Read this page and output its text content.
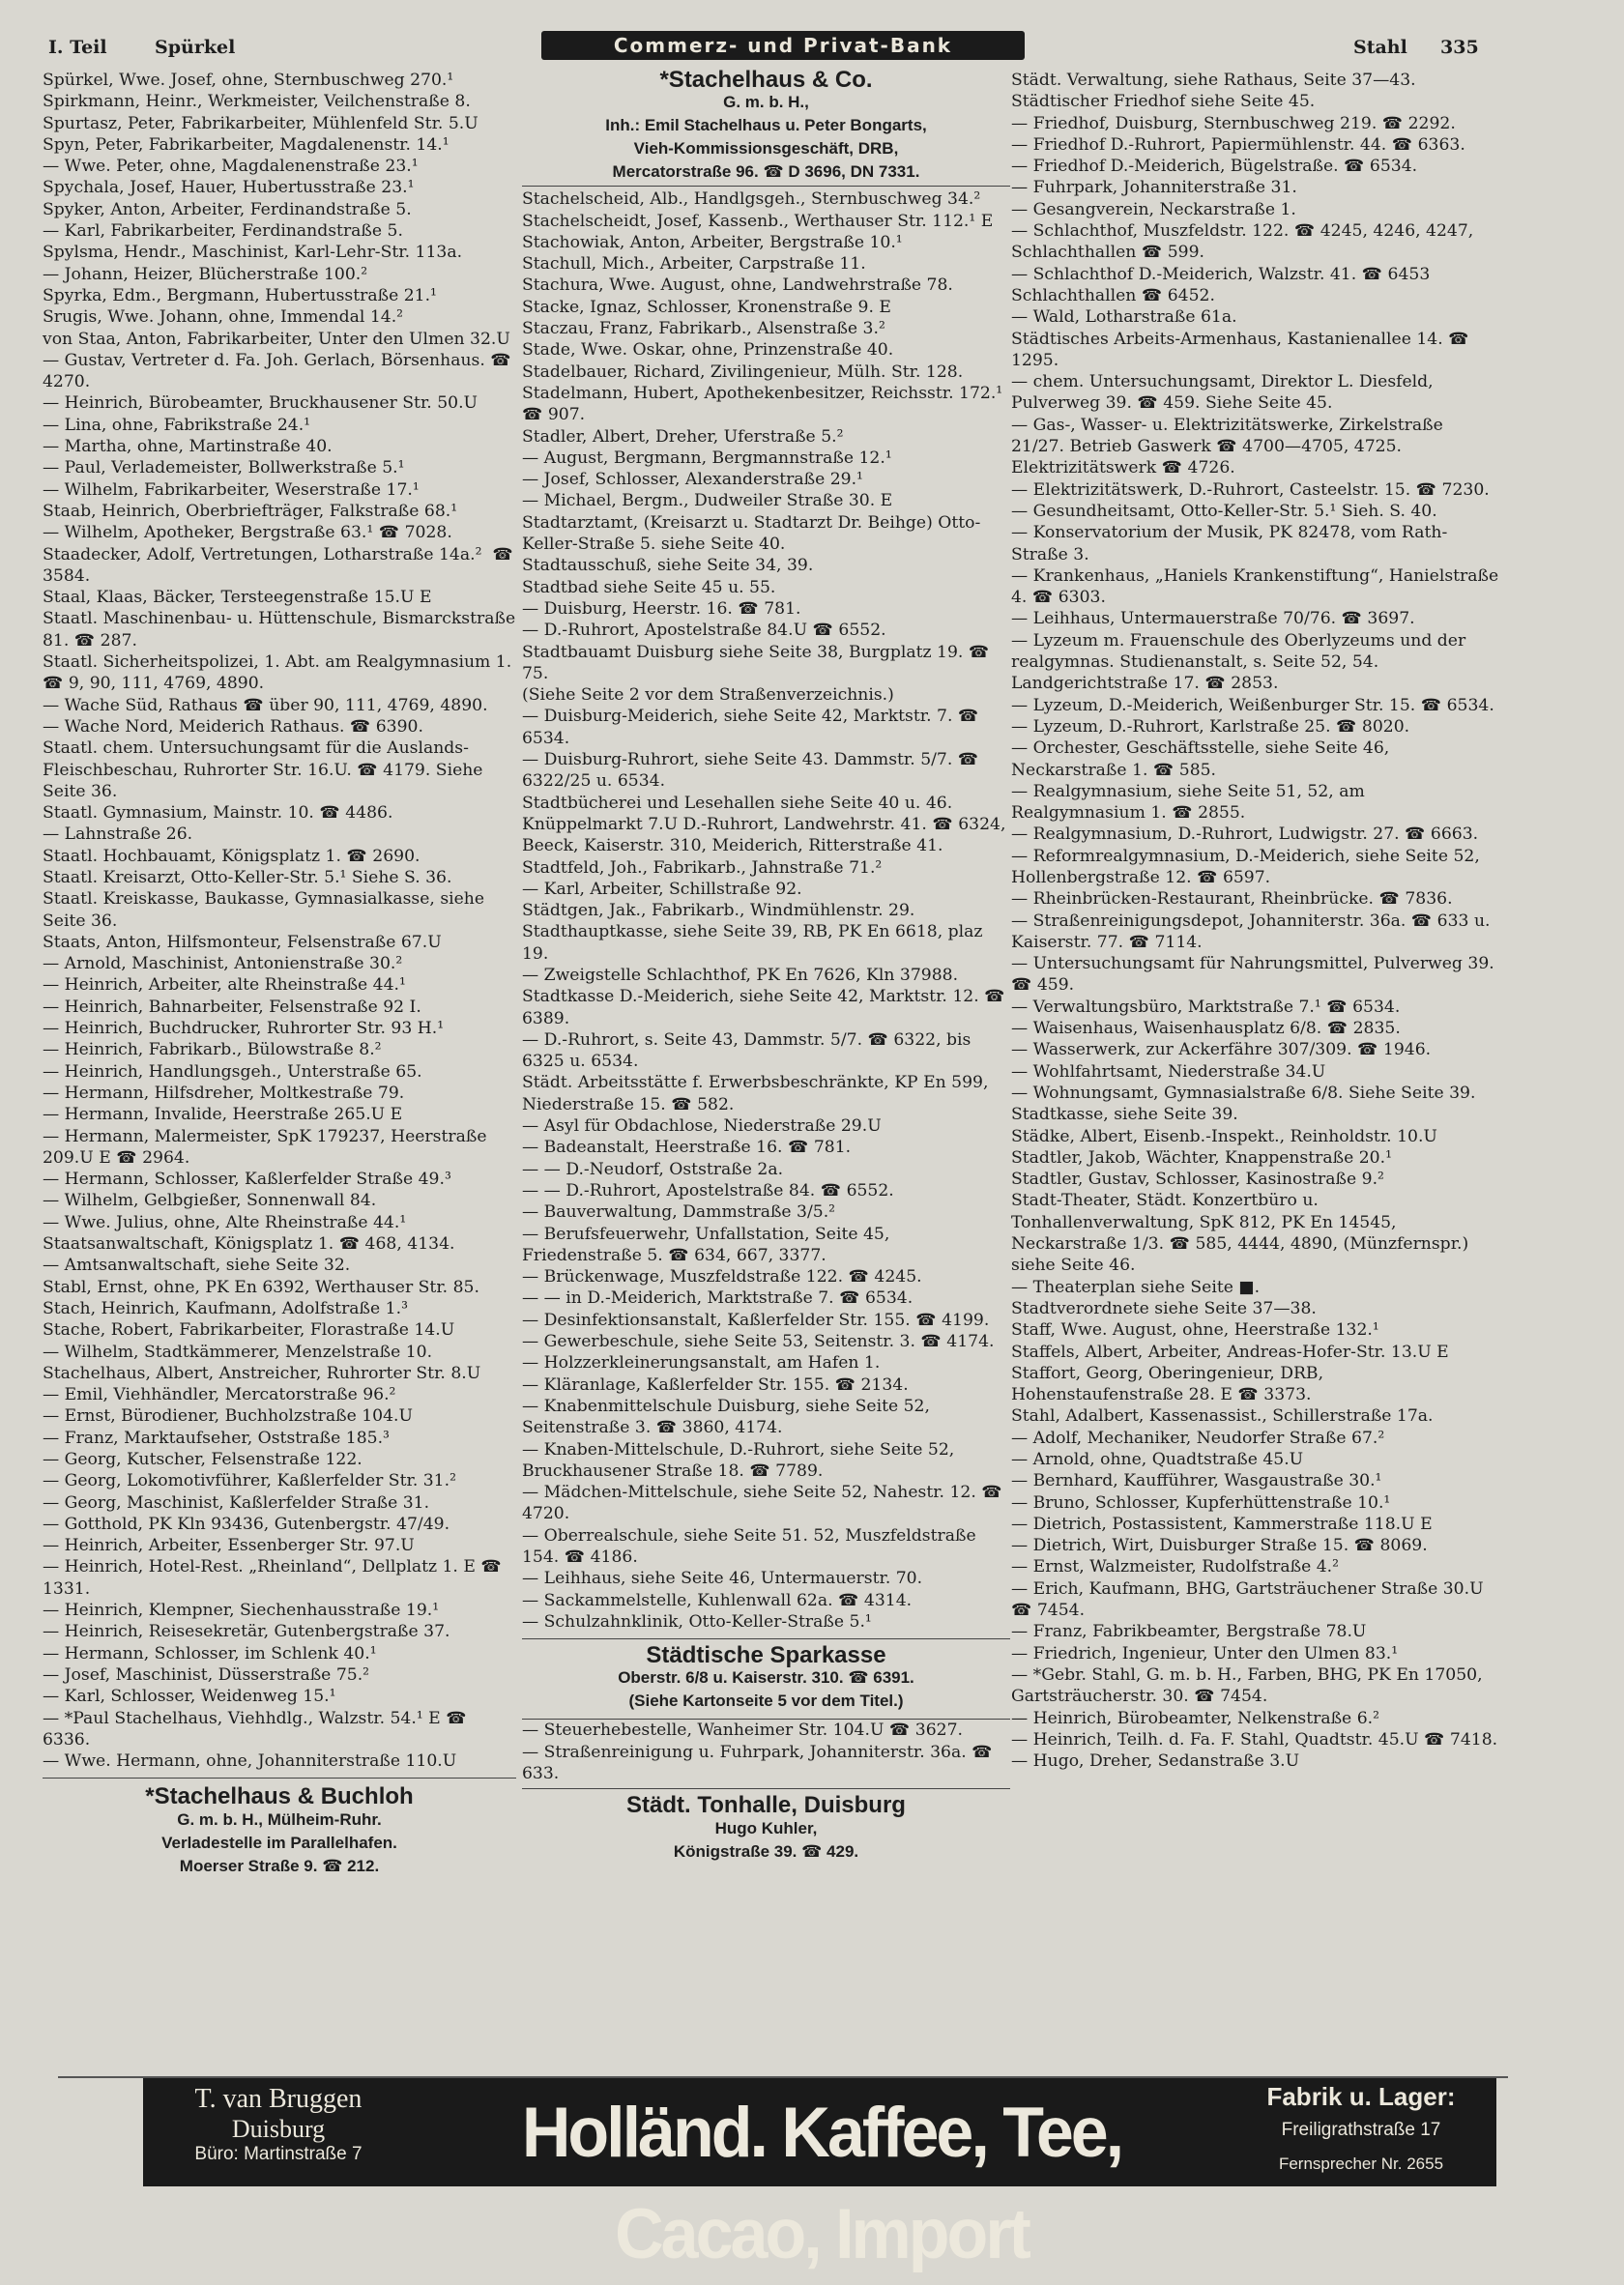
I. Teil	Spürkel	Commerz- und Privat-Bank	Stahl 335
Spürkel, Wwe. Josef, ohne, Sternbuschweg 270.¹
Spirkmann, Heinr., Werkmeister, Veilchenstraße 8.
Spurtasz, Peter, Fabrikarbeiter, Mühlenfeld Str. 5.U
Spyn, Peter, Fabrikarbeiter, Magdalenenstr. 14.¹
— Wwe. Peter, ohne, Magdalenenstraße 23.¹
Spychala, Josef, Hauer, Hubertusstraße 23.¹
Spyker, Anton, Arbeiter, Ferdinandstraße 5.
— Karl, Fabrikarbeiter, Ferdinandstraße 5.
Spylsma, Hendr., Maschinist, Karl-Lehr-Str. 113a.
— Johann, Heizer, Blücherstraße 100.²
Spyrka, Edm., Bergmann, Hubertusstraße 21.¹
Srugis, Wwe. Johann, ohne, Immendal 14.²
von Staa, Anton, Fabrikarbeiter, Unter den Ulmen 32.U
— Gustav, Vertreter d. Fa. Joh. Gerlach, Börsenhaus. ☎ 4270.
— Heinrich, Bürobeamter, Bruckhausener Str. 50.U
— Lina, ohne, Fabrikstraße 24.¹
— Martha, ohne, Martinstraße 40.
— Paul, Verlademeister, Bollwerkstraße 5.¹
— Wilhelm, Fabrikarbeiter, Weserstraße 17.¹
Staab, Heinrich, Oberbriefträger, Falkstraße 68.¹
— Wilhelm, Apotheker, Bergstraße 63.¹ ☎ 7028.
Staadecker, Adolf, Vertretungen, Lotharstraße 14a.²  ☎ 3584.
Staal, Klaas, Bäcker, Tersteegenstraße 15.U E
Staatl. Maschinenbau- u. Hüttenschule, Bismarckstraße 81. ☎ 287.
Staatl. Sicherheitspolizei, 1. Abt. am Realgymnasium 1. ☎ 9, 90, 111, 4769, 4890.
— Wache Süd, Rathaus ☎ über 90, 111, 4769, 4890.
— Wache Nord, Meiderich Rathaus. ☎ 6390.
Staatl. chem. Untersuchungsamt für die Auslands-Fleischbeschau, Ruhrorter Str. 16.U. ☎ 4179. Siehe Seite 36.
Staatl. Gymnasium, Mainstr. 10. ☎ 4486.
— Lahnstraße 26.
Staatl. Hochbauamt, Königsplatz 1. ☎ 2690.
Staatl. Kreisarzt, Otto-Keller-Str. 5.¹ Siehe S. 36.
Staatl. Kreiskasse, Baukasse, Gymnasialkasse, siehe Seite 36.
Staats, Anton, Hilfsmonteur, Felsenstraße 67.U
— Arnold, Maschinist, Antonienstraße 30.²
— Heinrich, Arbeiter, alte Rheinstraße 44.¹
— Heinrich, Bahnarbeiter, Felsenstraße 92 I.
— Heinrich, Buchdrucker, Ruhrorter Str. 93 H.¹
— Heinrich, Fabrikarb., Bülowstraße 8.²
— Heinrich, Handlungsgeh., Unterstraße 65.
— Hermann, Hilfsdreher, Moltkestraße 79.
— Hermann, Invalide, Heerstraße 265.U E
— Hermann, Malermeister, SpK 179237, Heerstraße 209.U E ☎ 2964.
— Hermann, Schlosser, Kaßlerfelder Straße 49.³
— Wilhelm, Gelbgießer, Sonnenwall 84.
— Wwe. Julius, ohne, Alte Rheinstraße 44.¹
Staatsanwaltschaft, Königsplatz 1. ☎ 468, 4134.
— Amtsanwaltschaft, siehe Seite 32.
Stabl, Ernst, ohne, PK En 6392, Werthauser Str. 85.
Stach, Heinrich, Kaufmann, Adolfstraße 1.³
Stache, Robert, Fabrikarbeiter, Florastraße 14.U
— Wilhelm, Stadtkämmerer, Menzelstraße 10.
Stachelhaus, Albert, Anstreicher, Ruhrorter Str. 8.U
— Emil, Viehhändler, Mercatorstraße 96.²
— Ernst, Bürodiener, Buchholzstraße 104.U
— Franz, Marktaufseher, Oststraße 185.³
— Georg, Kutscher, Felsenstraße 122.
— Georg, Lokomotivführer, Kaßlerfelder Str. 31.²
— Georg, Maschinist, Kaßlerfelder Straße 31.
— Gotthold, PK Kln 93436, Gutenbergstr. 47/49.
— Heinrich, Arbeiter, Essenberger Str. 97.U
— Heinrich, Hotel-Rest. „Rheinland“, Dellplatz 1. E ☎ 1331.
— Heinrich, Klempner, Siechenhausstraße 19.¹
— Heinrich, Reisesekretär, Gutenbergstraße 37.
— Hermann, Schlosser, im Schlenk 40.¹
— Josef, Maschinist, Düsserstraße 75.²
— Karl, Schlosser, Weidenweg 15.¹
— *Paul Stachelhaus, Viehhdlg., Walzstr. 54.¹ E ☎ 6336.
— Wwe. Hermann, ohne, Johanniterstraße 110.U
*Stachelhaus & Buchloh
G. m. b. H., Mülheim-Ruhr.
Verladestelle im Parallelhafen.
Moerser Straße 9. ☎ 212.
*Stachelhaus & Co.
G. m. b. H.,
Inh.: Emil Stachelhaus u. Peter Bongarts,
Vieh-Kommissionsgeschäft, DRB,
Mercatorstraße 96. ☎ D 3696, DN 7331.
Stachelscheid, Alb., Handlgsgeh., Sternbuschweg 34.²
Stachelscheidt, Josef, Kassenb., Werthauser Str. 112.¹ E
Stachowiak, Anton, Arbeiter, Bergstraße 10.¹
Stachull, Mich., Arbeiter, Carpstraße 11.
Stachura, Wwe. August, ohne, Landwehrstraße 78.
Stacke, Ignaz, Schlosser, Kronenstraße 9. E
Staczau, Franz, Fabrikarb., Alsenstraße 3.²
Stade, Wwe. Oskar, ohne, Prinzenstraße 40.
Stadelbauer, Richard, Zivilingenieur, Mülh. Str. 128.
Stadelmann, Hubert, Apothekenbesitzer, Reichsstr. 172.¹ ☎ 907.
Stadler, Albert, Dreher, Uferstraße 5.²
— August, Bergmann, Bergmannstraße 12.¹
— Josef, Schlosser, Alexanderstraße 29.¹
— Michael, Bergm., Dudweiler Straße 30. E
Stadtarztamt, (Kreisarzt u. Stadtarzt Dr. Beihge) Otto-Keller-Straße 5. siehe Seite 40.
Stadtausschuß, siehe Seite 34, 39.
Stadtbad siehe Seite 45 u. 55.
— Duisburg, Heerstr. 16. ☎ 781.
— D.-Ruhrort, Apostelstraße 84.U ☎ 6552.
Stadtbauamt Duisburg siehe Seite 38, Burgplatz 19. ☎ 75.
(Siehe Seite 2 vor dem Straßenverzeichnis.)
— Duisburg-Meiderich, siehe Seite 42, Marktstr. 7. ☎ 6534.
— Duisburg-Ruhrort, siehe Seite 43. Dammstr. 5/7. ☎ 6322/25 u. 6534.
Stadtbücherei und Lesehallen siehe Seite 40 u. 46. Knüppelmarkt 7.U D.-Ruhrort, Landwehrstr. 41. ☎ 6324, Beeck, Kaiserstr. 310, Meiderich, Ritterstraße 41.
Stadtfeld, Joh., Fabrikarb., Jahnstraße 71.²
— Karl, Arbeiter, Schillstraße 92.
Städtgen, Jak., Fabrikarb., Windmühlenstr. 29.
Stadthauptkasse, siehe Seite 39, RB, PK En 6618, plaz 19.
— Zweigstelle Schlachthof, PK En 7626, Kln 37988.
Stadtkasse D.-Meiderich, siehe Seite 42, Marktstr. 12. ☎ 6389.
— D.-Ruhrort, s. Seite 43, Dammstr. 5/7. ☎ 6322, bis 6325 u. 6534.
Städt. Arbeitsstätte f. Erwerbsbeschränkte, KP En 599, Niederstraße 15. ☎ 582.
— Asyl für Obdachlose, Niederstraße 29.U
— Badeanstalt, Heerstraße 16. ☎ 781.
— — D.-Neudorf, Oststraße 2a.
— — D.-Ruhrort, Apostelstraße 84. ☎ 6552.
— Bauverwaltung, Dammstraße 3/5.²
— Berufsfeuerwehr, Unfallstation, Seite 45, Friedenstraße 5. ☎ 634, 667, 3377.
— Brückenwage, Muszfeldstraße 122. ☎ 4245.
— — in D.-Meiderich, Marktstraße 7. ☎ 6534.
— Desinfektionsanstalt, Kaßlerfelder Str. 155. ☎ 4199.
— Gewerbeschule, siehe Seite 53, Seitenstr. 3. ☎ 4174.
— Holzzerkleinerungsanstalt, am Hafen 1.
— Kläranlage, Kaßlerfelder Str. 155. ☎ 2134.
— Knabenmittelschule Duisburg, siehe Seite 52, Seitenstraße 3. ☎ 3860, 4174.
— Knaben-Mittelschule, D.-Ruhrort, siehe Seite 52, Bruckhausener Straße 18. ☎ 7789.
— Mädchen-Mittelschule, siehe Seite 52, Nahestr. 12. ☎ 4720.
— Oberrealschule, siehe Seite 51. 52, Muszfeldstraße 154. ☎ 4186.
— Leihhaus, siehe Seite 46, Untermauerstr. 70.
— Sackammelstelle, Kuhlenwall 62a. ☎ 4314.
— Schulzahnklinik, Otto-Keller-Straße 5.¹
Städtische Sparkasse
Oberstr. 6/8 u. Kaiserstr. 310. ☎ 6391.
(Siehe Kartonseite 5 vor dem Titel.)
— Steuerhebestelle, Wanheimer Str. 104.U ☎ 3627.
— Straßenreinigung u. Fuhrpark, Johanniterstr. 36a. ☎ 633.
Städt. Tonhalle, Duisburg
Hugo Kuhler,
Königstraße 39. ☎ 429.
Städt. Verwaltung, siehe Rathaus, Seite 37—43.
Städtischer Friedhof siehe Seite 45.
— Friedhof, Duisburg, Sternbuschweg 219. ☎ 2292.
— Friedhof D.-Ruhrort, Papiermühlenstr. 44. ☎ 6363.
— Friedhof D.-Meiderich, Bügelstraße. ☎ 6534.
— Fuhrpark, Johanniterstraße 31.
— Gesangverein, Neckarstraße 1.
— Schlachthof, Muszfeldstr. 122. ☎ 4245, 4246, 4247, Schlachthallen ☎ 599.
— Schlachthof D.-Meiderich, Walzstr. 41. ☎ 6453 Schlachthallen ☎ 6452.
— Wald, Lotharstraße 61a.
Städtisches Arbeits-Armenhaus, Kastanienallee 14. ☎ 1295.
— chem. Untersuchungsamt, Direktor L. Diesfeld, Pulverweg 39. ☎ 459. Siehe Seite 45.
— Gas-, Wasser- u. Elektrizitätswerke, Zirkelstraße 21/27. Betrieb Gaswerk ☎ 4700—4705, 4725. Elektrizitätswerk ☎ 4726.
— Elektrizitätswerk, D.-Ruhrort, Casteelstr. 15. ☎ 7230.
— Gesundheitsamt, Otto-Keller-Str. 5.¹ Sieh. S. 40.
— Konservatorium der Musik, PK 82478, vom Rath-Straße 3.
— Krankenhaus, „Haniels Krankenstiftung“, Hanielstraße 4. ☎ 6303.
— Leihhaus, Untermauerstraße 70/76. ☎ 3697.
— Lyzeum m. Frauenschule des Oberlyzeums und der realgymnas. Studienanstalt, s. Seite 52, 54. Landgerichtstraße 17. ☎ 2853.
— Lyzeum, D.-Meiderich, Weißenburger Str. 15. ☎ 6534.
— Lyzeum, D.-Ruhrort, Karlstraße 25. ☎ 8020.
— Orchester, Geschäftsstelle, siehe Seite 46, Neckarstraße 1. ☎ 585.
— Realgymnasium, siehe Seite 51, 52, am Realgymnasium 1. ☎ 2855.
— Realgymnasium, D.-Ruhrort, Ludwigstr. 27. ☎ 6663.
— Reformrealgymnasium, D.-Meiderich, siehe Seite 52, Hollenbergstraße 12. ☎ 6597.
— Rheinbrücken-Restaurant, Rheinbrücke. ☎ 7836.
— Straßenreinigungsdepot, Johanniterstr. 36a. ☎ 633 u. Kaiserstr. 77. ☎ 7114.
— Untersuchungsamt für Nahrungsmittel, Pulverweg 39. ☎ 459.
— Verwaltungsbüro, Marktstraße 7.¹ ☎ 6534.
— Waisenhaus, Waisenhausplatz 6/8. ☎ 2835.
— Wasserwerk, zur Ackerfähre 307/309. ☎ 1946.
— Wohlfahrtsamt, Niederstraße 34.U
— Wohnungsamt, Gymnasialstraße 6/8. Siehe Seite 39.
Stadtkasse, siehe Seite 39.
Städke, Albert, Eisenb.-Inspekt., Reinholdstr. 10.U
Stadtler, Jakob, Wächter, Knappenstraße 20.¹
Stadtler, Gustav, Schlosser, Kasinostraße 9.²
Stadt-Theater, Städt. Konzertbüro u. Tonhallenverwaltung, SpK 812, PK En 14545, Neckarstraße 1/3. ☎ 585, 4444, 4890, (Münzfernspr.) siehe Seite 46.
— Theaterplan siehe Seite ■.
Stadtverordnete siehe Seite 37—38.
Staff, Wwe. August, ohne, Heerstraße 132.¹
Staffels, Albert, Arbeiter, Andreas-Hofer-Str. 13.U E
Staffort, Georg, Oberingenieur, DRB, Hohenstaufenstraße 28. E ☎ 3373.
Stahl, Adalbert, Kassenassist., Schillerstraße 17a.
— Adolf, Mechaniker, Neudorfer Straße 67.²
— Arnold, ohne, Quadtstraße 45.U
— Bernhard, Kaufführer, Wasgaustraße 30.¹
— Bruno, Schlosser, Kupferhüttenstraße 10.¹
— Dietrich, Postassistent, Kammerstraße 118.U E
— Dietrich, Wirt, Duisburger Straße 15. ☎ 8069.
— Ernst, Walzmeister, Rudolfstraße 4.²
— Erich, Kaufmann, BHG, Gartsträuchener Straße 30.U ☎ 7454.
— Franz, Fabrikbeamter, Bergstraße 78.U
— Friedrich, Ingenieur, Unter den Ulmen 83.¹
— *Gebr. Stahl, G. m. b. H., Farben, BHG, PK En 17050, Gartsträucherstr. 30. ☎ 7454.
— Heinrich, Bürobeamter, Nelkenstraße 6.²
— Heinrich, Teilh. d. Fa. F. Stahl, Quadtstr. 45.U ☎ 7418.
— Hugo, Dreher, Sedanstraße 3.U
T. van Bruggen
Duisburg
Büro: Martinstraße 7	Holländ. Kaffee, Tee, Cacao, Import
Fabrik u. Lager:
Freiligrathstraße 17
Fernsprecher Nr. 2655
